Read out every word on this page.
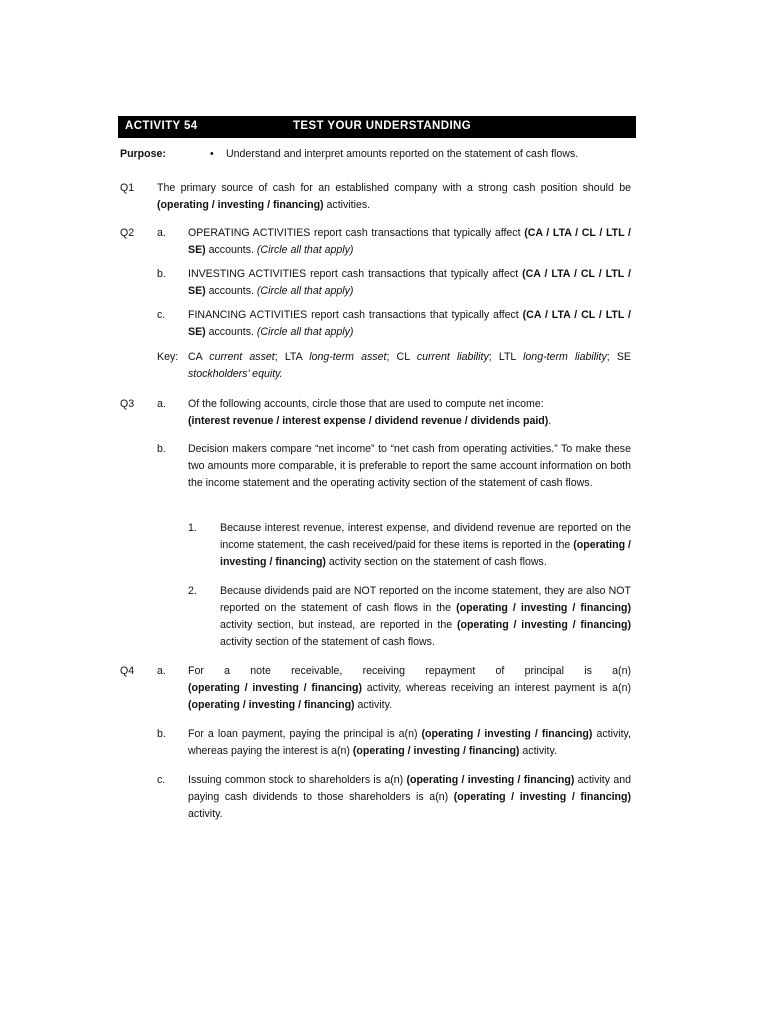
ACTIVITY 54	TEST YOUR UNDERSTANDING
Purpose:	• Understand and interpret amounts reported on the statement of cash flows.
Q1 The primary source of cash for an established company with a strong cash position should be (operating / investing / financing) activities.
Q2 a. OPERATING ACTIVITIES report cash transactions that typically affect (CA / LTA / CL / LTL / SE) accounts. (Circle all that apply)
b. INVESTING ACTIVITIES report cash transactions that typically affect (CA / LTA / CL / LTL / SE) accounts. (Circle all that apply)
c. FINANCING ACTIVITIES report cash transactions that typically affect (CA / LTA / CL / LTL / SE) accounts. (Circle all that apply)
Key: CA current asset; LTA long-term asset; CL current liability; LTL long-term liability; SE stockholders’ equity.
Q3 a. Of the following accounts, circle those that are used to compute net income:
(interest revenue / interest expense / dividend revenue / dividends paid).
b. Decision makers compare “net income” to “net cash from operating activities.” To make these two amounts more comparable, it is preferable to report the same account information on both the income statement and the operating activity section of the statement of cash flows.
1. Because interest revenue, interest expense, and dividend revenue are reported on the income statement, the cash received/paid for these items is reported in the (operating / investing / financing) activity section on the statement of cash flows.
2. Because dividends paid are NOT reported on the income statement, they are also NOT reported on the statement of cash flows in the (operating / investing / financing) activity section, but instead, are reported in the (operating / investing / financing) activity section of the statement of cash flows.
Q4 a. For a note receivable, receiving repayment of principal is a(n)
(operating / investing / financing) activity, whereas receiving an interest payment is a(n) (operating / investing / financing) activity.
b. For a loan payment, paying the principal is a(n) (operating / investing / financing) activity, whereas paying the interest is a(n) (operating / investing / financing) activity.
c. Issuing common stock to shareholders is a(n) (operating / investing / financing) activity and paying cash dividends to those shareholders is a(n) (operating / investing / financing) activity.
